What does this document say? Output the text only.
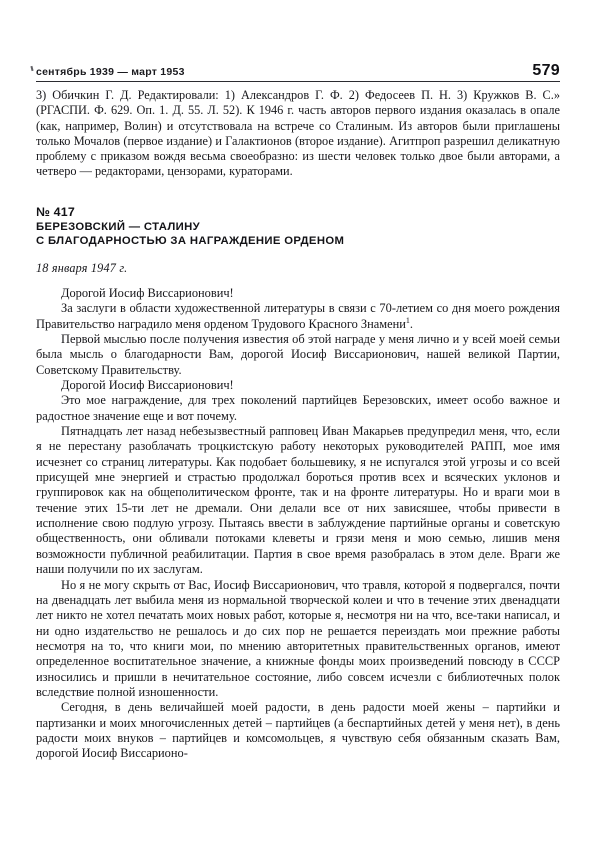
сентябрь 1939 — март 1953	579

3) Обичкин Г. Д. Редактировали: 1) Александров Г. Ф. 2) Федосеев П. Н. 3) Кружков В. С.» (РГАСПИ. Ф. 629. Оп. 1. Д. 55. Л. 52). К 1946 г. часть авторов первого издания оказалась в опале (как, например, Волин) и отсутствовала на встрече со Сталиным. Из авторов были приглашены только Мочалов (первое издание) и Галактионов (второе издание). Агитпроп разрешил деликатную проблему с приказом вождя весьма своеобразно: из шести человек только двое были авторами, а четверо — редакторами, цензорами, кураторами.

№ 417
БЕРЕЗОВСКИЙ — СТАЛИНУ
С БЛАГОДАРНОСТЬЮ ЗА НАГРАЖДЕНИЕ ОРДЕНОМ

18 января 1947 г.

Дорогой Иосиф Виссарионович!

За заслуги в области художественной литературы в связи с 70-летием со дня моего рождения Правительство наградило меня орденом Трудового Красного Знамени$^1$.

Первой мыслью после получения известия об этой награде у меня лично и у всей моей семьи была мысль о благодарности Вам, дорогой Иосиф Виссарионович, нашей великой Партии, Советскому Правительству.

Дорогой Иосиф Виссарионович!

Это мое награждение, для трех поколений партийцев Березовских, имеет особо важное и радостное значение еще и вот почему.

Пятнадцать лет назад небезызвестный рапповец Иван Макарьев предупредил меня, что, если я не перестану разоблачать троцкистскую работу некоторых руководителей РАПП, мое имя исчезнет со страниц литературы. Как подобает большевику, я не испугался этой угрозы и со всей присущей мне энергией и страстью продолжал бороться против всех и всяческих уклонов и группировок как на общеполитическом фронте, так и на фронте литературы. Но и враги мои в течение этих 15-ти лет не дремали. Они делали все от них зависяшее, чтобы привести в исполнение свою подлую угрозу. Пытаясь ввести в заблуждение партийные органы и советскую общественность, они обливали потоками клеветы и грязи меня и мою семью, лишив меня возможности публичной реабилитации. Партия в свое время разобралась в этом деле. Враги же наши получили по их заслугам.

Но я не могу скрыть от Вас, Иосиф Виссарионович, что травля, которой я подвергался, почти на двенадцать лет выбила меня из нормальной творческой колеи и что в течение этих двенадцати лет никто не хотел печатать моих новых работ, которые я, несмотря ни на что, все-таки написал, и ни одно издательство не решалось и до сих пор не решается переиздать мои прежние работы несмотря на то, что книги мои, по мнению авторитетных правительственных органов, имеют определенное воспитательное значение, а книжные фонды моих произведений повсюду в СССР износились и пришли в нечитательное состояние, либо совсем исчезли с библиотечных полок вследствие полной изношенности.

Сегодня, в день величайшей моей радости, в день радости моей жены – партийки и партизанки и моих многочисленных детей – партийцев (а беспартийных детей у меня нет), в день радости моих внуков – партийцев и комсомольцев, я чувствую себя обязанным сказать Вам, дорогой Иосиф Виссарионо-
